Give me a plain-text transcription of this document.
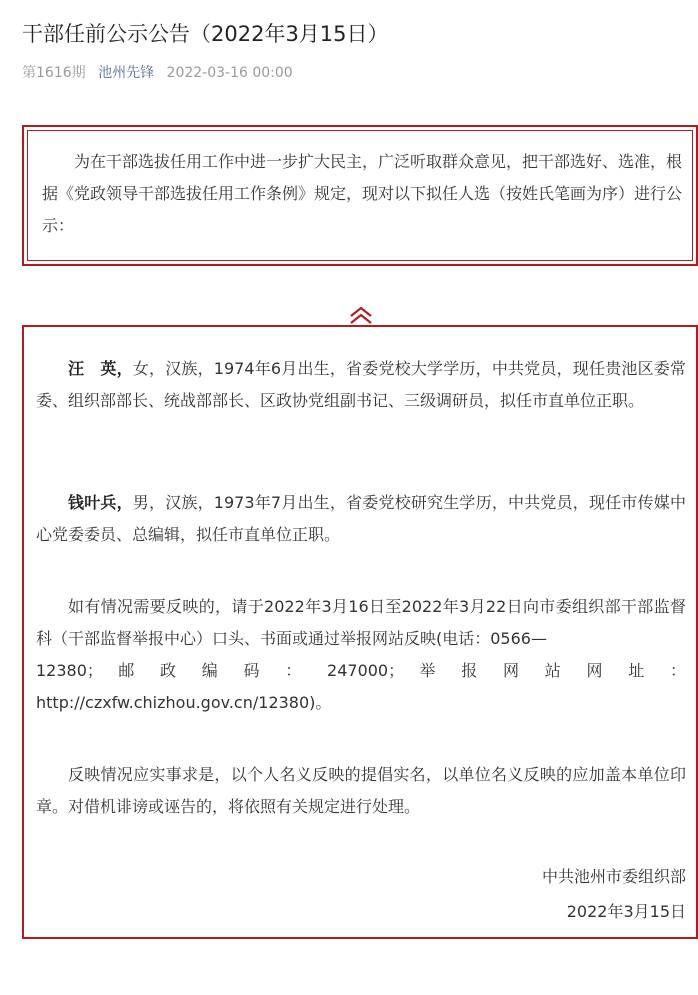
干部任前公示公告（2022年3月15日）
第1616期 池州先锋 2022-03-16 00:00

为在干部选拔任用工作中进一步扩大民主，广泛听取群众意见，把干部选好、选准，根据《党政领导干部选拔任用工作条例》规定，现对以下拟任人选（按姓氏笔画为序）进行公示：

汪　英，女，汉族，1974年6月出生，省委党校大学学历，中共党员，现任贵池区委常委、组织部部长、统战部部长、区政协党组副书记、三级调研员，拟任市直单位正职。

钱叶兵，男，汉族，1973年7月出生，省委党校研究生学历，中共党员，现任市传媒中心党委委员、总编辑，拟任市直单位正职。

如有情况需要反映的，请于2022年3月16日至2022年3月22日向市委组织部干部监督科（干部监督举报中心）口头、书面或通过举报网站反映(电话：0566—
12380； 邮 政 编 码 ： 247000； 举 报 网 站 网 址 ：
http://czxfw.chizhou.gov.cn/12380)。

反映情况应实事求是，以个人名义反映的提倡实名，以单位名义反映的应加盖本单位印章。对借机诽谤或诬告的，将依照有关规定进行处理。

中共池州市委组织部

2022年3月15日
